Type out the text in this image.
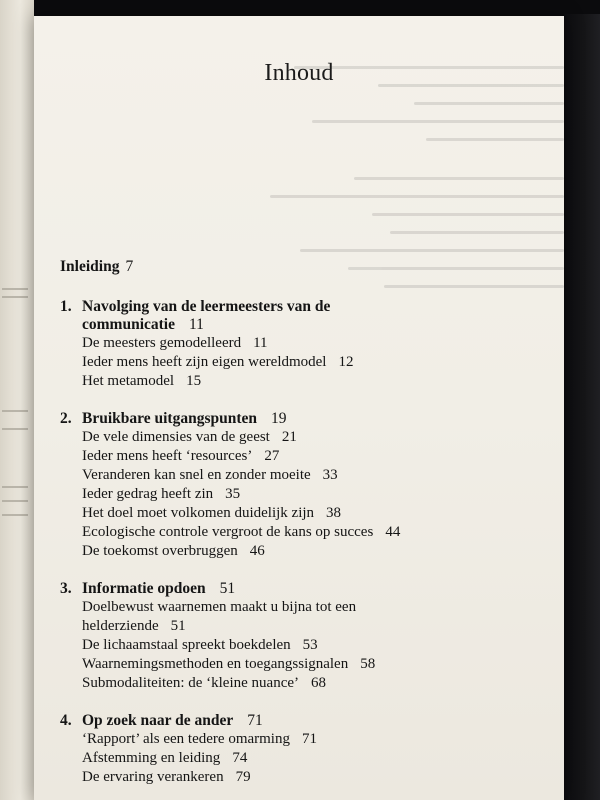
Inhoud
Inleiding 7
1. Navolging van de leermeesters van de
communicatie 11
De meesters gemodelleerd 11
Ieder mens heeft zijn eigen wereldmodel 12
Het metamodel 15
2. Bruikbare uitgangspunten 19
De vele dimensies van de geest 21
Ieder mens heeft ‘resources’ 27
Veranderen kan snel en zonder moeite 33
Ieder gedrag heeft zin 35
Het doel moet volkomen duidelijk zijn 38
Ecologische controle vergroot de kans op succes 44
De toekomst overbruggen 46
3. Informatie opdoen 51
Doelbewust waarnemen maakt u bijna tot een
helderziende 51
De lichaamstaal spreekt boekdelen 53
Waarnemingsmethoden en toegangssignalen 58
Submodaliteiten: de ‘kleine nuance’ 68
4. Op zoek naar de ander 71
‘Rapport’ als een tedere omarming 71
Afstemming en leiding 74
De ervaring verankeren 79
